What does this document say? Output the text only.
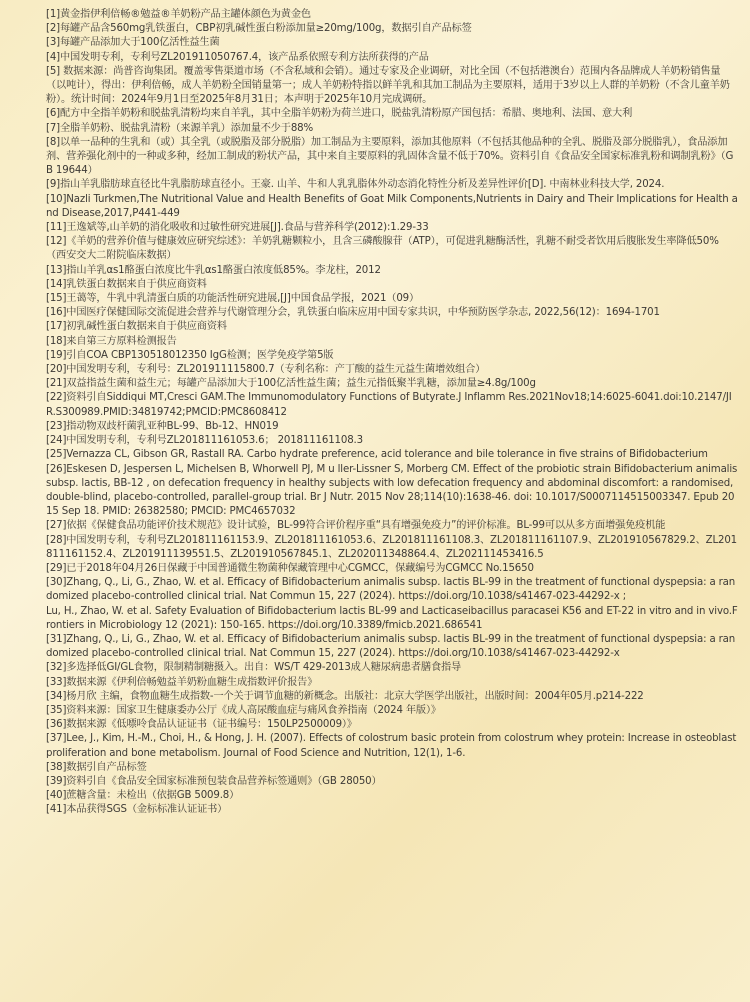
[1]黄金指伊利倍畅®勉益®羊奶粉产品主罐体颜色为黄金色
[2]每罐产品含560mg乳铁蛋白，CBP初乳碱性蛋白粉添加量≥20mg/100g，数据引自产品标签
[3]每罐产品添加大于100亿活性益生菌
[4]中国发明专利，专利号ZL201911050767.4，该产品系依照专利方法所获得的产品
[5] 数据来源：尚普咨询集团。覆盖零售渠道市场（不含私域和会销）。通过专家及企业调研，对比全国（不包括港澳台）范围内各品牌成人羊奶粉销售量（以吨计），得出：伊利倍畅，成人羊奶粉全国销量第一；成人羊奶粉特指以鲜羊乳和其加工制品为主要原料，适用于3岁以上人群的羊奶粉（不含儿童羊奶粉）。统计时间：2024年9月1日至2025年8月31日；本声明于2025年10月完成调研。
[6]配方中全指羊奶粉和脱盐乳清粉均来自羊乳，其中全脂羊奶粉为荷兰进口，脱盐乳清粉原产国包括：希腊、奥地利、法国、意大利
[7]全脂羊奶粉、脱盐乳清粉（来源羊乳）添加量不少于88%
[8]以单一品种的生乳和（或）其全乳（或脱脂及部分脱脂）加工制品为主要原料，添加其他原料（不包括其他品种的全乳、脱脂及部分脱脂乳），食品添加剂、营养强化剂中的一种或多种，经加工制成的粉状产品，其中来自主要原料的乳固体含量不低于70%。资料引自《食品安全国家标准乳粉和调制乳粉》（GB 19644）
[9]指山羊乳脂肪球直径比牛乳脂肪球直径小。王豪. 山羊、牛和人乳乳脂体外动态消化特性分析及差异性评价[D]. 中南林业科技大学, 2024.
[10]Nazli Turkmen,The Nutritional Value and Health Benefits of Goat Milk Components,Nutrients in Dairy and Their Implications for Health and Disease,2017,P441-449
[11]王逸斌等,山羊奶的消化吸收和过敏性研究进展[J].食品与营养科学(2012):1.29-33
[12]《羊奶的营养价值与健康效应研究综述》：羊奶乳糖颗粒小，且含三磷酸腺苷（ATP），可促进乳糖酶活性，乳糖不耐受者饮用后腹胀发生率降低50%（西安交大二附院临床数据）
[13]指山羊乳αs1酪蛋白浓度比牛乳αs1酪蛋白浓度低85%。李龙柱，2012
[14]乳铁蛋白数据来自于供应商资料
[15]王蔼等，牛乳中乳清蛋白质的功能活性研究进展,[J]中国食品学报，2021（09）
[16]中国医疗保健国际交流促进会营养与代谢管理分会，乳铁蛋白临床应用中国专家共识，中华预防医学杂志, 2022,56(12)：1694-1701
[17]初乳碱性蛋白数据来自于供应商资料
[18]来自第三方原料检测报告
[19]引自COA CBP130518012350 IgG检测；医学免疫学第5版
[20]中国发明专利，专利号：ZL201911115800.7（专利名称：产丁酸的益生元益生菌增效组合）
[21]双益指益生菌和益生元；每罐产品添加大于100亿活性益生菌；益生元指低聚半乳糖，添加量≥4.8g/100g
[22]资料引自Siddiqui MT,Cresci GAM.The Immunomodulatory Functions of Butyrate.J Inflamm Res.2021Nov18;14:6025-6041.doi:10.2147/JIR.S300989.PMID:34819742;PMCID:PMC8608412
[23]指动物双歧杆菌乳亚种BL-99、Bb-12、HN019
[24]中国发明专利，专利号ZL201811161053.6； 201811161108.3
[25]Vernazza CL, Gibson GR, Rastall RA. Carbo hydrate preference, acid tolerance and bile tolerance in five strains of Bifidobacterium
[26]Eskesen D, Jespersen L, Michelsen B, Whorwell PJ, M u ller-Lissner S, Morberg CM. Effect of the probiotic strain Bifidobacterium animalis subsp. lactis, BB-12 , on defecation frequency in healthy subjects with low defecation frequency and abdominal discomfort: a randomised, double-blind, placebo-controlled, parallel-group trial. Br J Nutr. 2015 Nov 28;114(10):1638-46. doi: 10.1017/S0007114515003347. Epub 2015 Sep 18. PMID: 26382580; PMCID: PMC4657032
[27]依据《保健食品功能评价技术规范》设计试验，BL-99符合评价程序重“具有增强免疫力”的评价标准。BL-99可以从多方面增强免疫机能
[28]中国发明专利，专利号ZL201811161153.9、ZL201811161053.6、ZL201811161108.3、ZL201811161107.9、ZL201910567829.2、ZL201811161152.4、ZL201911139551.5、ZL201910567845.1、ZL202011348864.4、ZL202111453416.5
[29]已于2018年04月26日保藏于中国普通微生物菌种保藏管理中心CGMCC，保藏编号为CGMCC No.15650
[30]Zhang, Q., Li, G., Zhao, W. et al. Efficacy of Bifidobacterium animalis subsp. lactis BL-99 in the treatment of functional dyspepsia: a randomized placebo-controlled clinical trial. Nat Commun 15, 227 (2024). https://doi.org/10.1038/s41467-023-44292-x ;
Lu, H., Zhao, W. et al. Safety Evaluation of Bifidobacterium lactis BL-99 and Lacticaseibacillus paracasei K56 and ET-22 in vitro and in vivo.Frontiers in Microbiology 12 (2021): 150-165. https://doi.org/10.3389/fmicb.2021.686541
[31]Zhang, Q., Li, G., Zhao, W. et al. Efficacy of Bifidobacterium animalis subsp. lactis BL-99 in the treatment of functional dyspepsia: a randomized placebo-controlled clinical trial. Nat Commun 15, 227 (2024). https://doi.org/10.1038/s41467-023-44292-x
[32]多选择低GI/GL食物，限制精制糖摄入。出自：WS/T 429-2013成人糖尿病患者膳食指导
[33]数据来源《伊利倍畅勉益羊奶粉血糖生成指数评价报告》
[34]杨月欣 主编，食物血糖生成指数-一个关于调节血糖的新概念。出版社：北京大学医学出版社，出版时间：2004年05月.p214-222
[35]资料来源：国家卫生健康委办公厅《成人高尿酸血症与痛风食养指南（2024 年版）》
[36]数据来源《低嘌呤食品认证证书（证书编号：150LP2500009）》
[37]Lee, J., Kim, H.-M., Choi, H., & Hong, J. H. (2007). Effects of colostrum basic protein from colostrum whey protein: Increase in osteoblast proliferation and bone metabolism. Journal of Food Science and Nutrition, 12(1), 1-6.
[38]数据引自产品标签
[39]资料引自《食品安全国家标准预包装食品营养标签通则》（GB 28050）
[40]蔗糖含量：未检出（依据GB 5009.8）
[41]本品获得SGS（金标标准认证证书）
